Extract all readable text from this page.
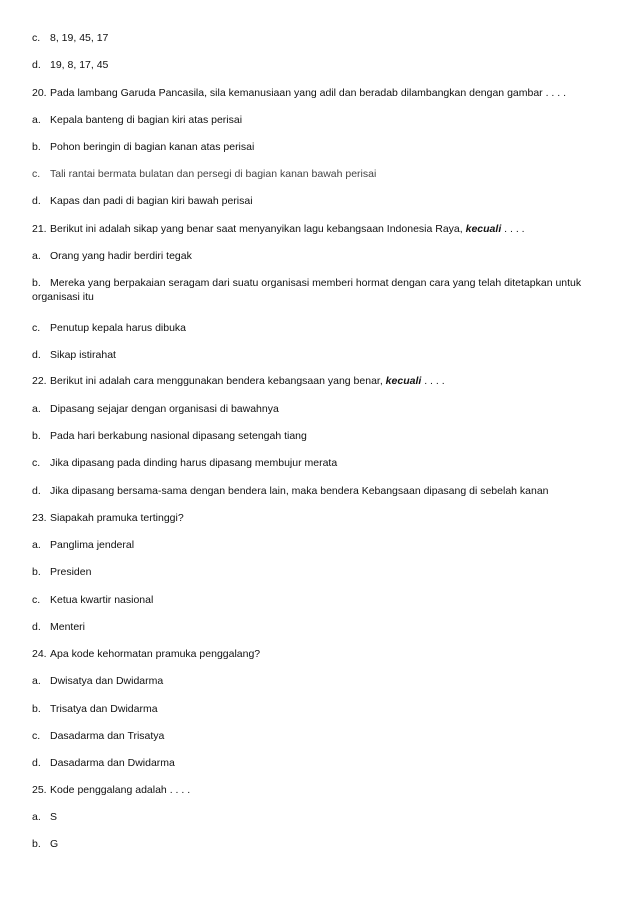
c. 8, 19, 45, 17
d. 19, 8, 17, 45
20. Pada lambang Garuda Pancasila, sila kemanusiaan yang adil dan beradab dilambangkan dengan gambar . . . .
a. Kepala banteng di bagian kiri atas perisai
b. Pohon beringin di bagian kanan atas perisai
c. Tali rantai bermata bulatan dan persegi di bagian kanan bawah perisai
d. Kapas dan padi di bagian kiri bawah perisai
21. Berikut ini adalah sikap yang benar saat menyanyikan lagu kebangsaan Indonesia Raya, kecuali . . . .
a. Orang yang hadir berdiri tegak
b. Mereka yang berpakaian seragam dari suatu organisasi memberi hormat dengan cara yang telah ditetapkan untuk organisasi itu
c. Penutup kepala harus dibuka
d. Sikap istirahat
22. Berikut ini adalah cara menggunakan bendera kebangsaan yang benar, kecuali . . . .
a. Dipasang sejajar dengan organisasi di bawahnya
b. Pada hari berkabung nasional dipasang setengah tiang
c. Jika dipasang pada dinding harus dipasang membujur merata
d. Jika dipasang bersama-sama dengan bendera lain, maka bendera Kebangsaan dipasang di sebelah kanan
23. Siapakah pramuka tertinggi?
a. Panglima jenderal
b. Presiden
c. Ketua kwartir nasional
d. Menteri
24. Apa kode kehormatan pramuka penggalang?
a. Dwisatya dan Dwidarma
b. Trisatya dan Dwidarma
c. Dasadarma dan Trisatya
d. Dasadarma dan Dwidarma
25. Kode penggalang adalah . . . .
a. S
b. G
